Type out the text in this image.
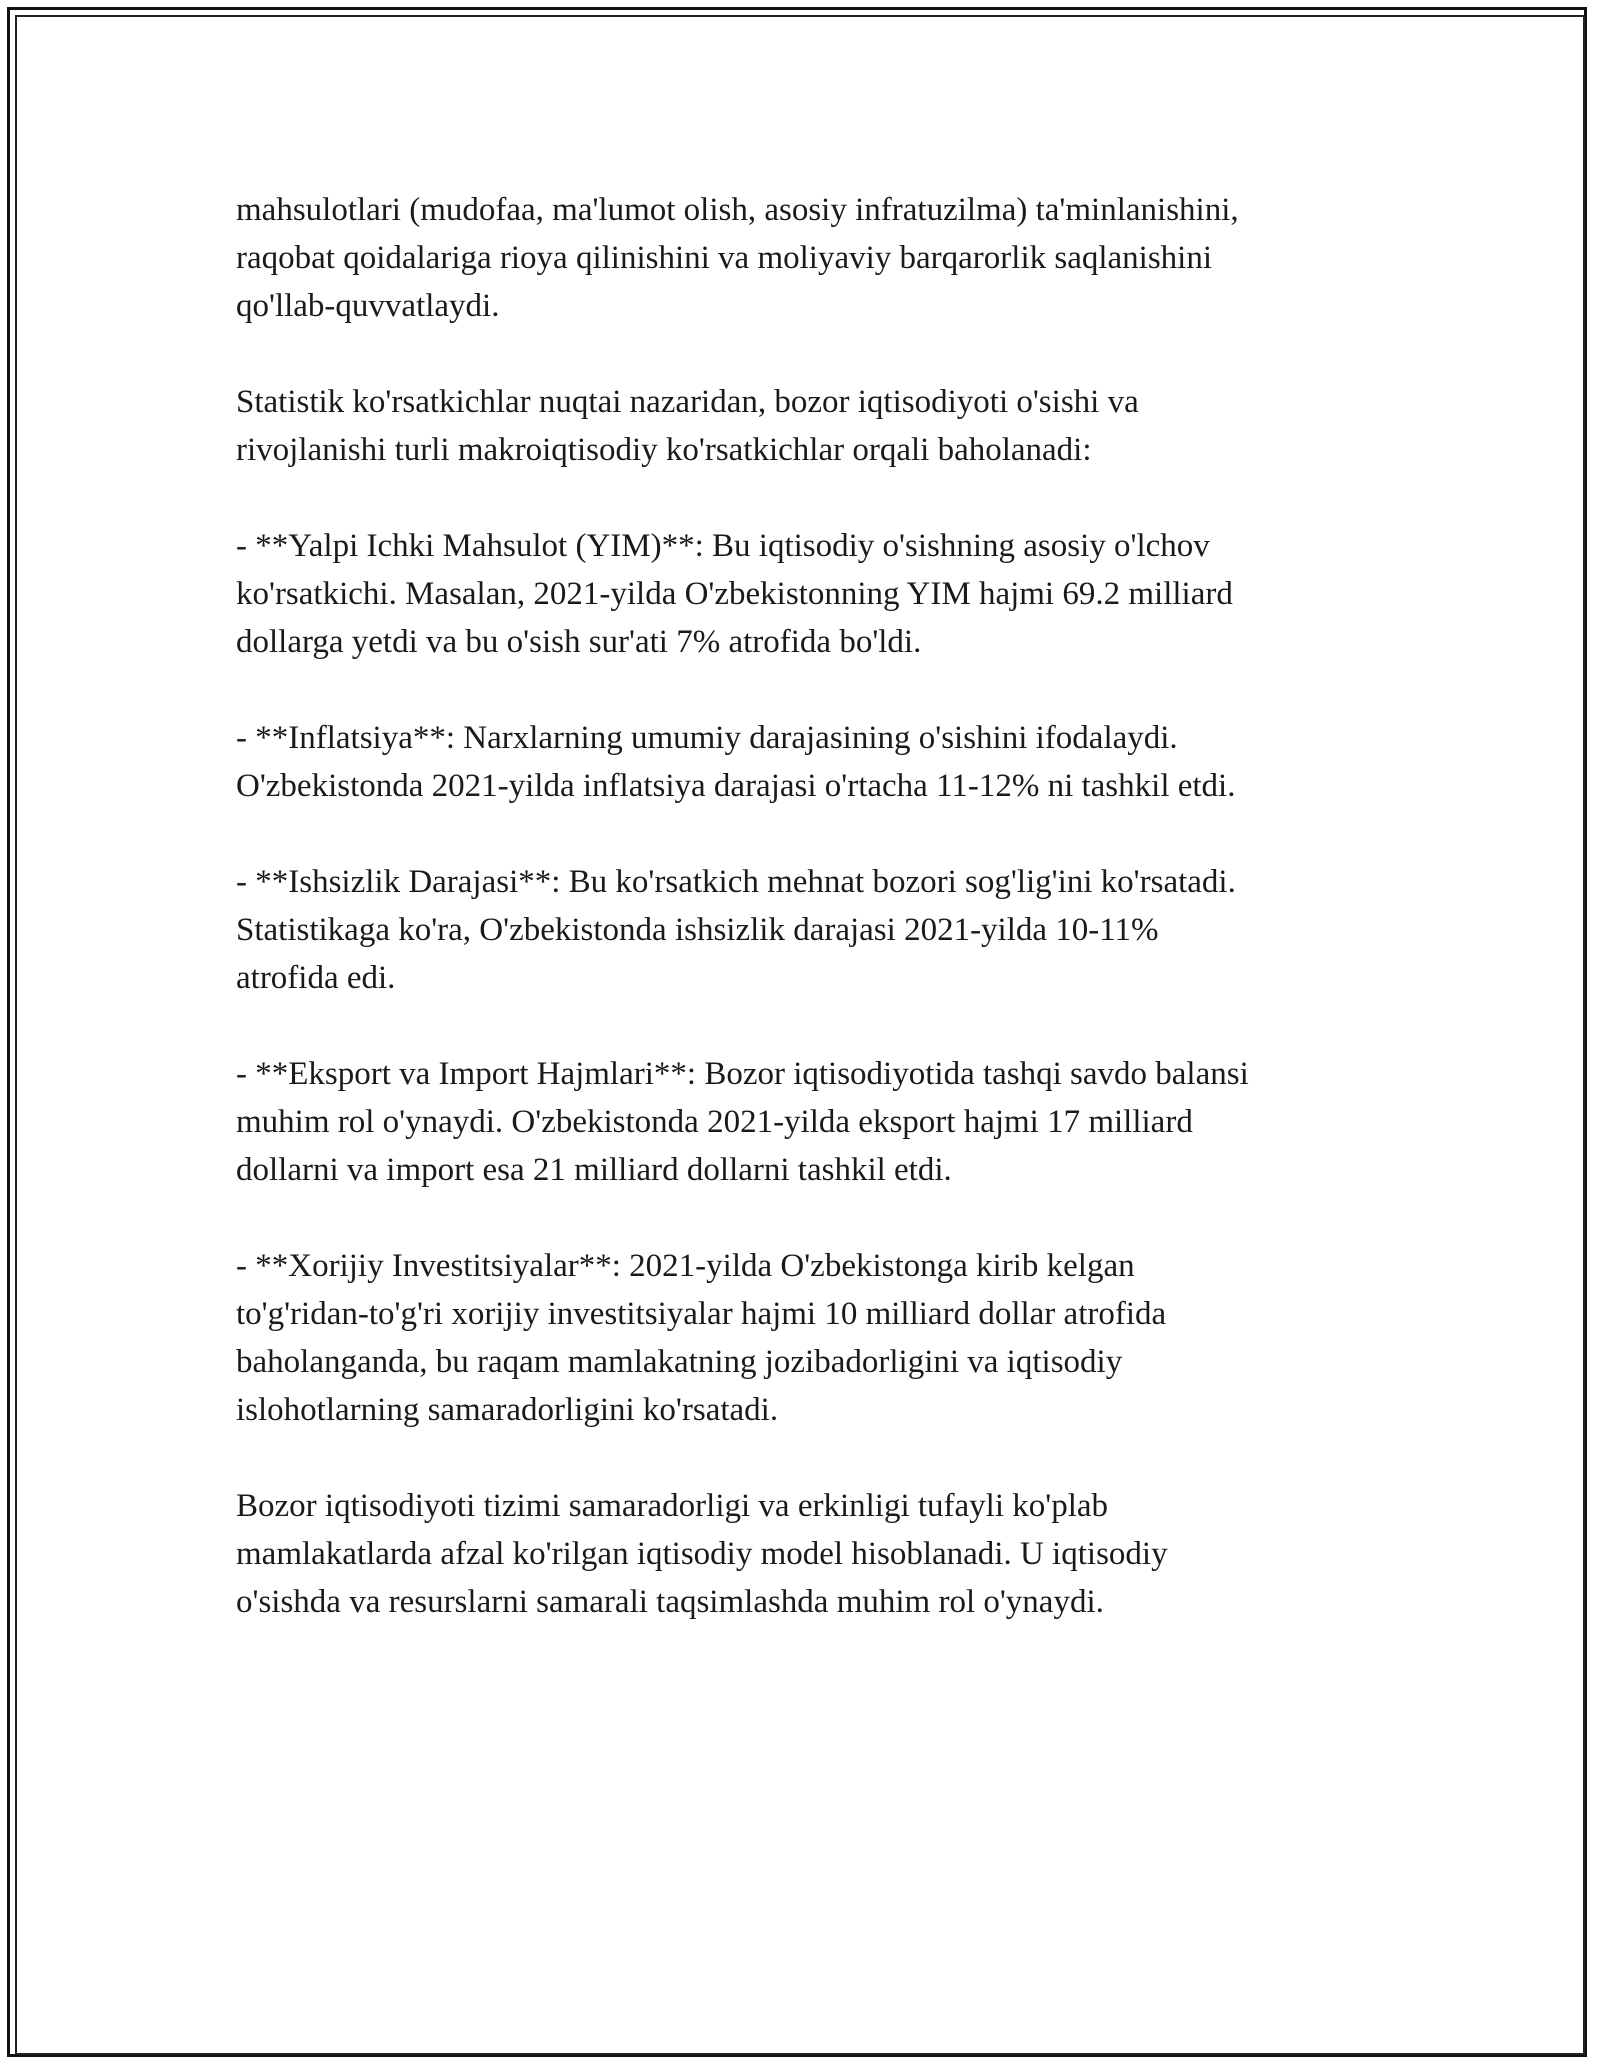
mahsulotlari (mudofaa, ma'lumot olish, asosiy infratuzilma) ta'minlanishini,
raqobat qoidalariga rioya qilinishini va moliyaviy barqarorlik saqlanishini
qo'llab-quvvatlaydi.

Statistik ko'rsatkichlar nuqtai nazaridan, bozor iqtisodiyoti o'sishi va
rivojlanishi turli makroiqtisodiy ko'rsatkichlar orqali baholanadi:

- **Yalpi Ichki Mahsulot (YIM)**: Bu iqtisodiy o'sishning asosiy o'lchov
ko'rsatkichi. Masalan, 2021-yilda O'zbekistonning YIM hajmi 69.2 milliard
dollarga yetdi va bu o'sish sur'ati 7% atrofida bo'ldi.

- **Inflatsiya**: Narxlarning umumiy darajasining o'sishini ifodalaydi.
O'zbekistonda 2021-yilda inflatsiya darajasi o'rtacha 11-12% ni tashkil etdi.

- **Ishsizlik Darajasi**: Bu ko'rsatkich mehnat bozori sog'lig'ini ko'rsatadi.
Statistikaga ko'ra, O'zbekistonda ishsizlik darajasi 2021-yilda 10-11%
atrofida edi.

- **Eksport va Import Hajmlari**: Bozor iqtisodiyotida tashqi savdo balansi
muhim rol o'ynaydi. O'zbekistonda 2021-yilda eksport hajmi 17 milliard
dollarni va import esa 21 milliard dollarni tashkil etdi.

- **Xorijiy Investitsiyalar**: 2021-yilda O'zbekistonga kirib kelgan
to'g'ridan-to'g'ri xorijiy investitsiyalar hajmi 10 milliard dollar atrofida
baholanganda, bu raqam mamlakatning jozibadorligini va iqtisodiy
islohotlarning samaradorligini ko'rsatadi.

Bozor iqtisodiyoti tizimi samaradorligi va erkinligi tufayli ko'plab
mamlakatlarda afzal ko'rilgan iqtisodiy model hisoblanadi. U iqtisodiy
o'sishda va resurslarni samarali taqsimlashda muhim rol o'ynaydi.
